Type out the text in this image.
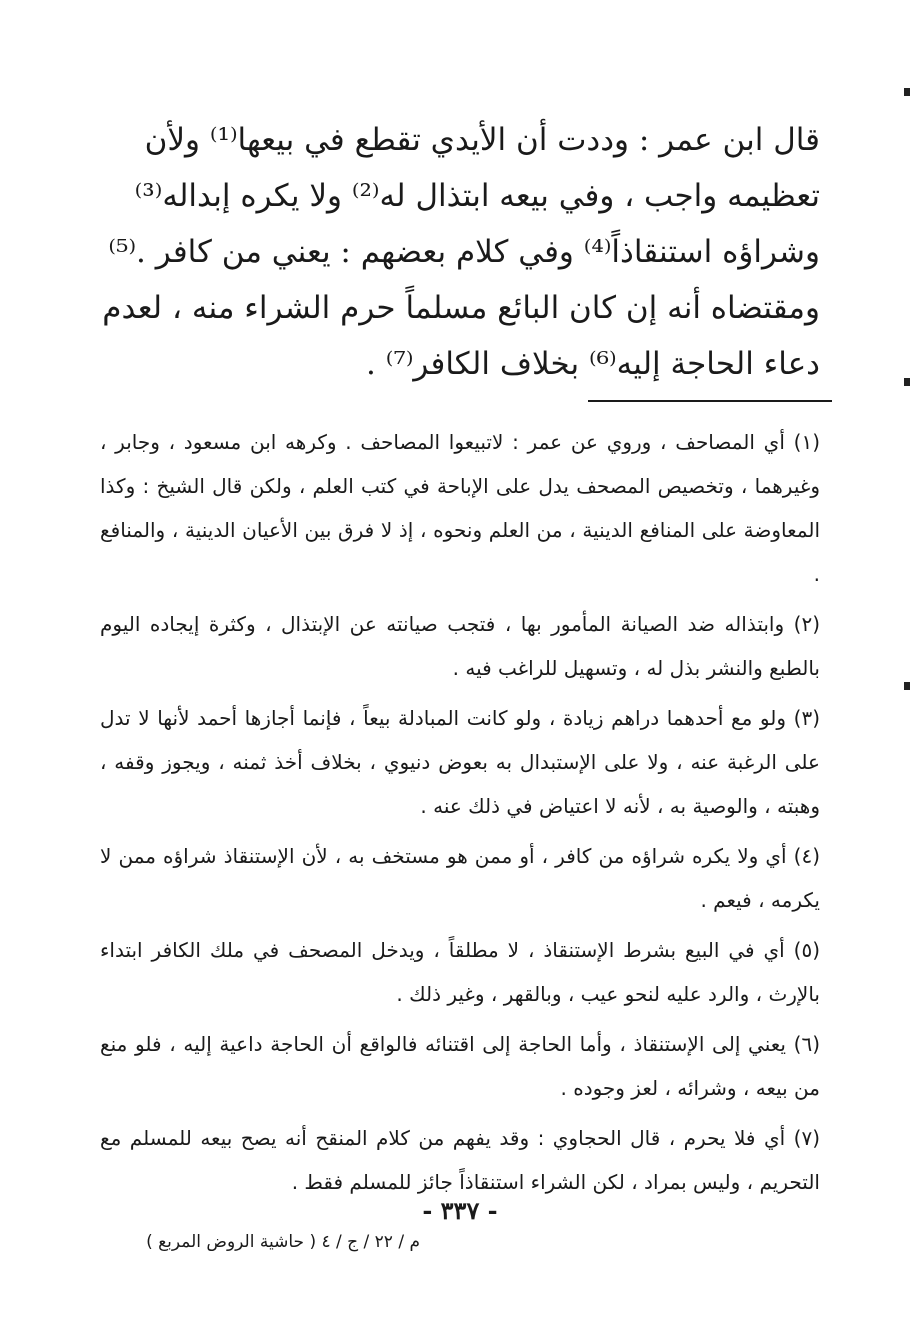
قال ابن عمر : وددت أن الأيدي تقطع في بيعها⁽¹⁾ ولأن
تعظيمه واجب ، وفي بيعه ابتذال له⁽²⁾ ولا يكره إبداله⁽³⁾
وشراؤه استنقاذاً⁽⁴⁾ وفي كلام بعضهم : يعني من كافر .⁽⁵⁾
ومقتضاه أنه إن كان البائع مسلماً حرم الشراء منه ، لعدم
دعاء الحاجة إليه⁽⁶⁾ بخلاف الكافر⁽⁷⁾ .
(١) أي المصاحف ، وروي عن عمر : لاتبيعوا المصاحف . وكرهه ابن مسعود ، وجابر ، وغيرهما ، وتخصيص المصحف يدل على الإباحة في كتب العلم ، ولكن قال الشيخ : وكذا المعاوضة على المنافع الدينية ، من العلم ونحوه ، إذ لا فرق بين الأعيان الدينية ، والمنافع .
(٢) وابتذاله ضد الصيانة المأمور بها ، فتجب صيانته عن الإبتذال ، وكثرة إيجاده اليوم بالطبع والنشر بذل له ، وتسهيل للراغب فيه .
(٣) ولو مع أحدهما دراهم زيادة ، ولو كانت المبادلة بيعاً ، فإنما أجازها أحمد لأنها لا تدل على الرغبة عنه ، ولا على الإستبدال به بعوض دنيوي ، بخلاف أخذ ثمنه ، ويجوز وقفه ، وهبته ، والوصية به ، لأنه لا اعتياض في ذلك عنه .
(٤) أي ولا يكره شراؤه من كافر ، أو ممن هو مستخف به ، لأن الإستنقاذ شراؤه ممن لا يكرمه ، فيعم .
(٥) أي في البيع بشرط الإستنقاذ ، لا مطلقاً ، ويدخل المصحف في ملك الكافر ابتداء بالإرث ، والرد عليه لنحو عيب ، وبالقهر ، وغير ذلك .
(٦) يعني إلى الإستنقاذ ، وأما الحاجة إلى اقتنائه فالواقع أن الحاجة داعية إليه ، فلو منع من بيعه ، وشرائه ، لعز وجوده .
(٧) أي فلا يحرم ، قال الحجاوي : وقد يفهم من كلام المنقح أنه يصح بيعه للمسلم مع التحريم ، وليس بمراد ، لكن الشراء استنقاذاً جائز للمسلم فقط .
- ٣٣٧ -
م / ٢٢ / ج / ٤ ( حاشية الروض المربع )
